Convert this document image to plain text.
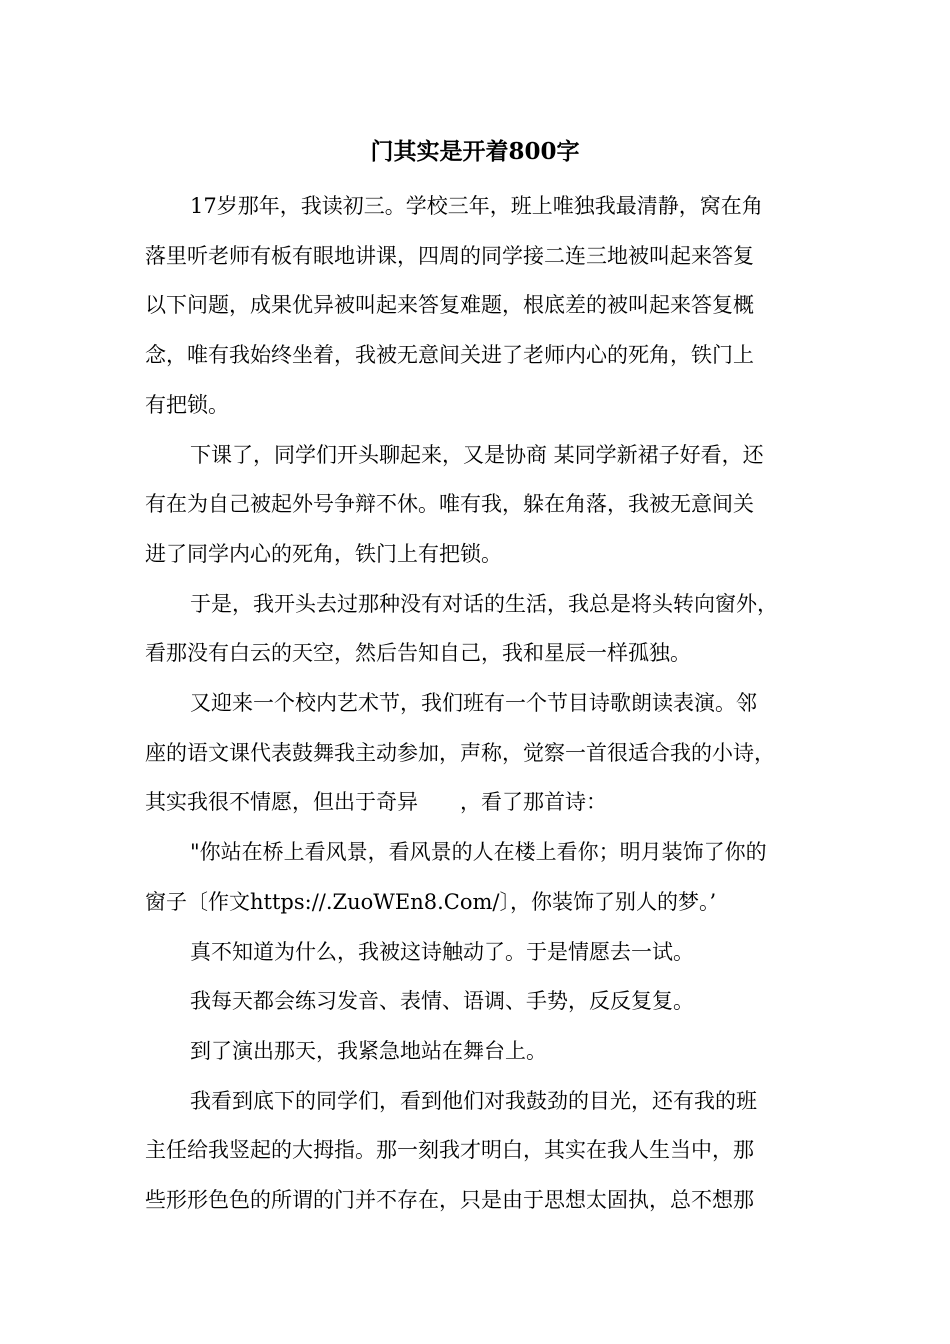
门其实是开着800字

17岁那年，我读初三。学校三年，班上唯独我最清静，窝在角
落里听老师有板有眼地讲课，四周的同学接二连三地被叫起来答复
以下问题，成果优异被叫起来答复难题，根底差的被叫起来答复概
念，唯有我始终坐着，我被无意间关进了老师内心的死角，铁门上
有把锁。

下课了，同学们开头聊起来，又是协商 某同学新裙子好看，还
有在为自己被起外号争辩不休。唯有我，躲在角落，我被无意间关
进了同学内心的死角，铁门上有把锁。

于是，我开头去过那种没有对话的生活，我总是将头转向窗外，
看那没有白云的天空，然后告知自己，我和星辰一样孤独。

又迎来一个校内艺术节，我们班有一个节目诗歌朗读表演。邻
座的语文课代表鼓舞我主动参加，声称，觉察一首很适合我的小诗，
其实我很不情愿，但出于奇异　　，看了那首诗：

"你站在桥上看风景，看风景的人在楼上看你；明月装饰了你的
窗子〔作文https://.ZuoWEn8.Com/〕，你装饰了别人的梦。’

真不知道为什么，我被这诗触动了。于是情愿去一试。

我每天都会练习发音、表情、语调、手势，反反复复。

到了演出那天，我紧急地站在舞台上。

我看到底下的同学们，看到他们对我鼓劲的目光，还有我的班
主任给我竖起的大拇指。那一刻我才明白，其实在我人生当中，那
些形形色色的所谓的门并不存在，只是由于思想太固执，总不想那
